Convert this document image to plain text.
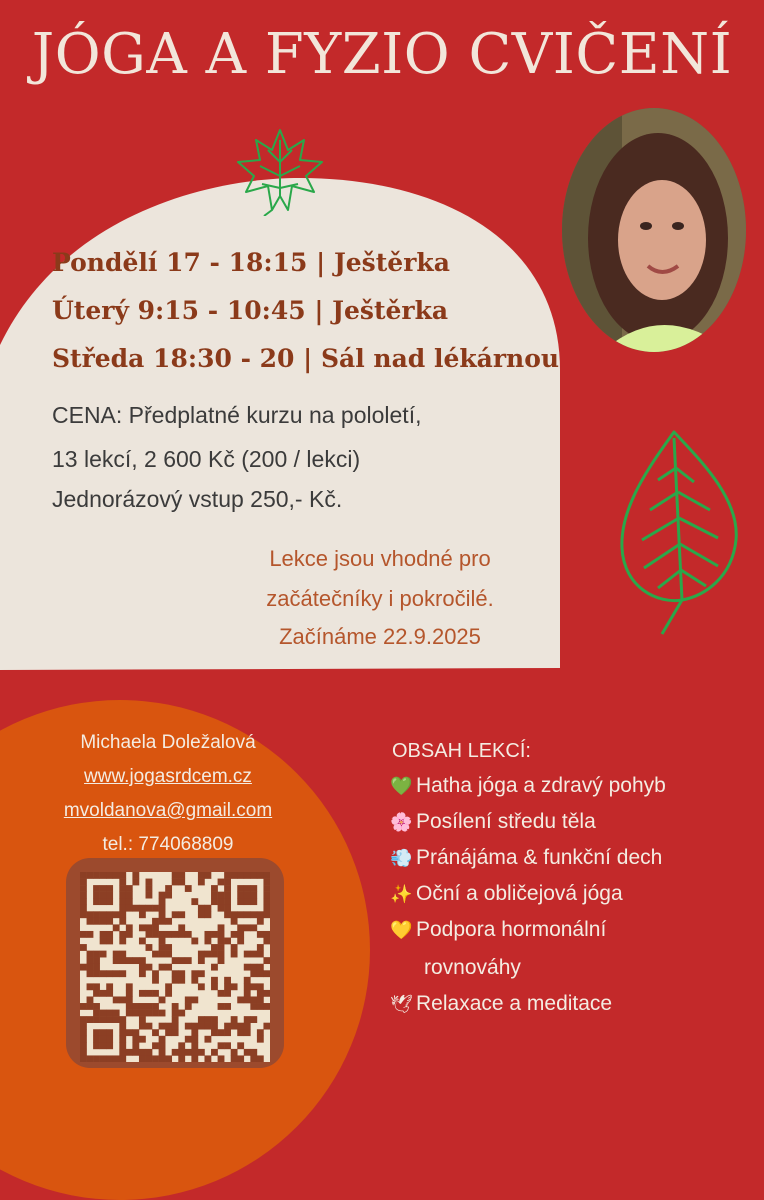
JÓGA A FYZIO CVIČENÍ
Pondělí 17 - 18:15 | Ještěrka
Úterý 9:15 - 10:45 | Ještěrka
Středa 18:30 - 20 | Sál nad lékárnou
CENA: Předplatné kurzu na pololetí,
13 lekcí, 2 600 Kč (200 / lekci)
Jednorázový vstup 250,- Kč.
Lekce jsou vhodné pro
začátečníky i pokročilé.
Začínáme 22.9.2025
Michaela Doležalová
www.jogasrdcem.cz
mvoldanova@gmail.com
tel.: 774068809
OBSAH LEKCÍ:
💚 Hatha jóga a zdravý pohyb
🌸 Posílení středu těla
💨 Pránájáma & funkční dech
✨ Oční a obličejová jóga
💛 Podpora hormonální
rovnováhy
🕊 Relaxace a meditace
